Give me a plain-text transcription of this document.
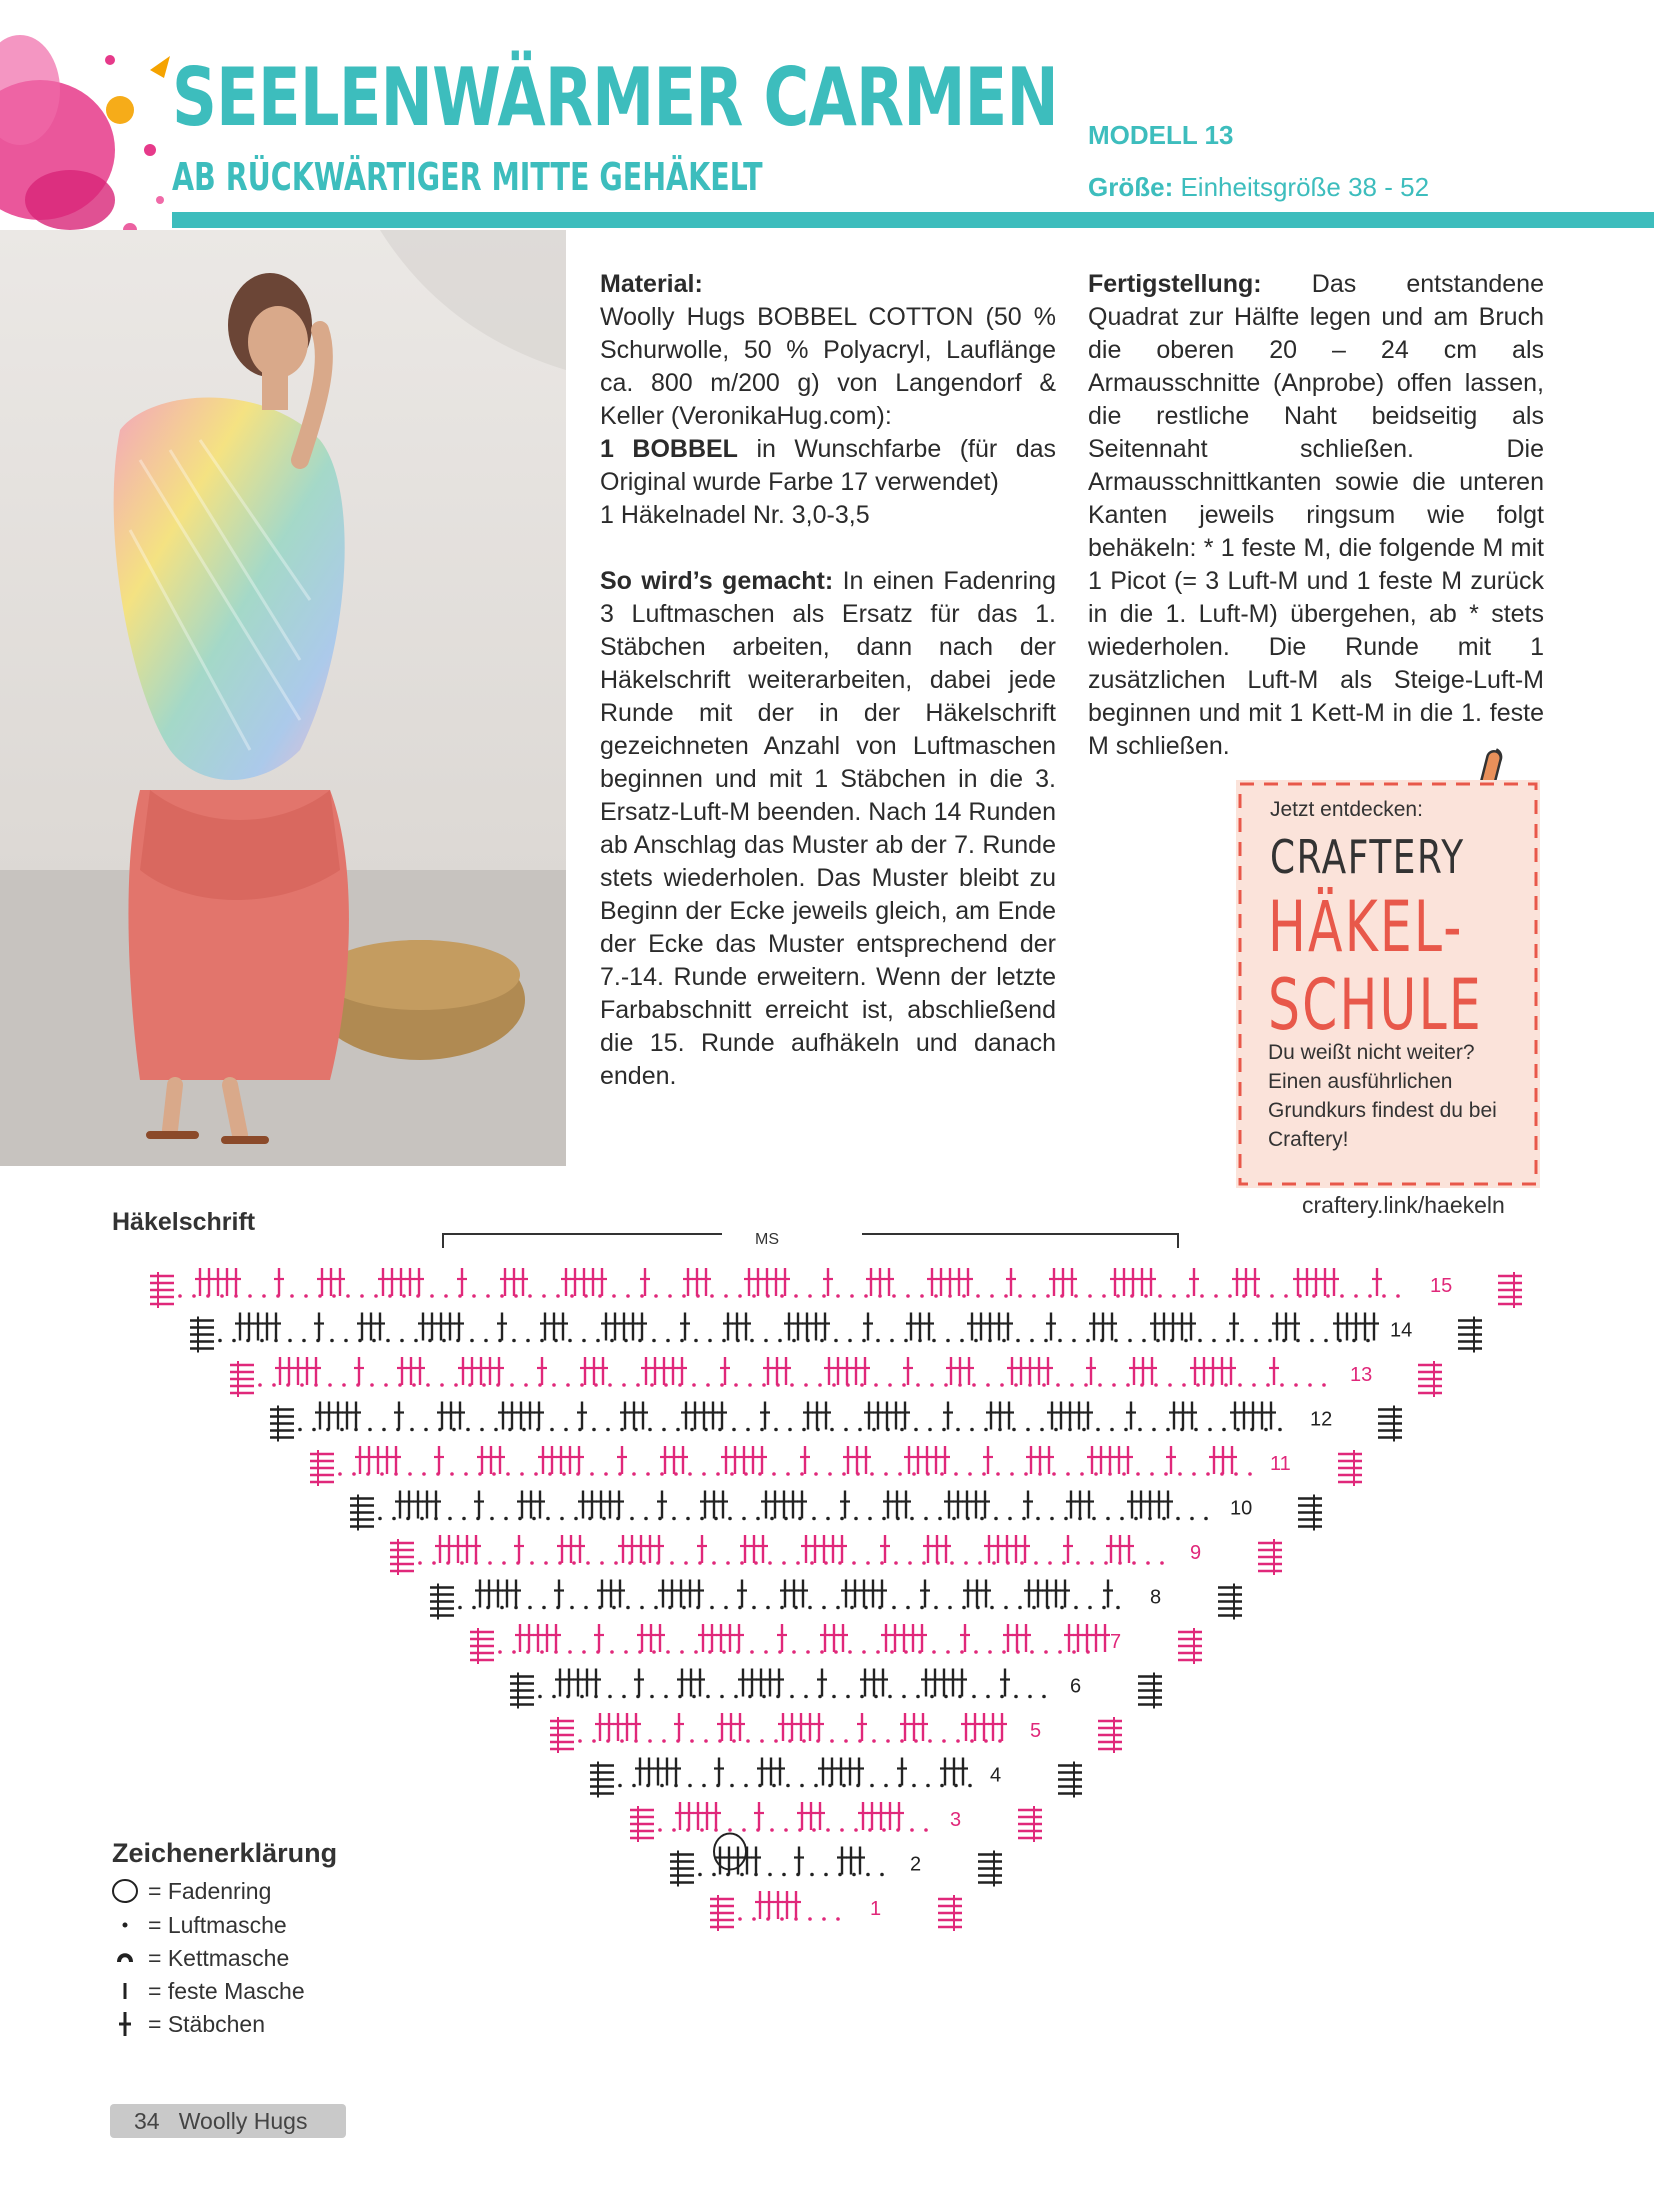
SEELENWÄRMER CARMEN
AB RÜCKWÄRTIGER MITTE GEHÄKELT
MODELL 13
Größe: Einheitsgröße 38 - 52

Material:

Woolly Hugs BOBBEL COTTON (50 % Schurwolle, 50 % Polyacryl, Lauflänge ca. 800 m/200 g) von Langendorf & Keller (VeronikaHug.com):

1 BOBBEL in Wunschfarbe (für das Original wurde Farbe 17 verwendet)

1 Häkelnadel Nr. 3,0-3,5

So wird’s gemacht: In einen Fadenring 3 Luftmaschen als Ersatz für das 1. Stäbchen arbeiten, dann nach der Häkelschrift weiterarbeiten, dabei jede Runde mit der in der Häkelschrift gezeichneten Anzahl von Luftmaschen beginnen und mit 1 Stäbchen in die 3. Ersatz-Luft-M beenden. Nach 14 Runden ab Anschlag das Muster ab der 7. Runde stets wiederholen. Das Muster bleibt zu Beginn der Ecke jeweils gleich, am Ende der Ecke das Muster entsprechend der 7.-14. Runde erweitern. Wenn der letzte Farbabschnitt erreicht ist, abschließend die 15. Runde aufhäkeln und danach enden.

Fertigstellung: Das entstandene Quadrat zur Hälfte legen und am Bruch die oberen 20 – 24 cm als Armausschnitte (Anprobe) offen lassen, die restliche Naht beidseitig als Seitennaht schließen. Die Armausschnittkanten sowie die unteren Kanten jeweils ringsum wie folgt behäkeln: * 1 feste M, die folgende M mit 1 Picot (= 3 Luft-M und 1 feste M zurück in die 1. Luft-M) übergehen, ab * stets wiederholen. Die Runde mit 1 zusätzlichen Luft-M als Steige-Luft-M beginnen und mit 1 Kett-M in die 1. feste M schließen.

Jetzt entdecken:
CRAFTERY
HÄKEL-
SCHULE
Du weißt nicht weiter? Einen ausführlichen Grundkurs findest du bei Craftery!
craftery.link/haekeln
Häkelschrift
MS
15
14
13
12
11
10
9
8
7
6
5
4
3
2
1
Zeichenerklärung
= Fadenring
= Luftmasche
= Kettmasche
= feste Masche
= Stäbchen
34 Woolly Hugs
